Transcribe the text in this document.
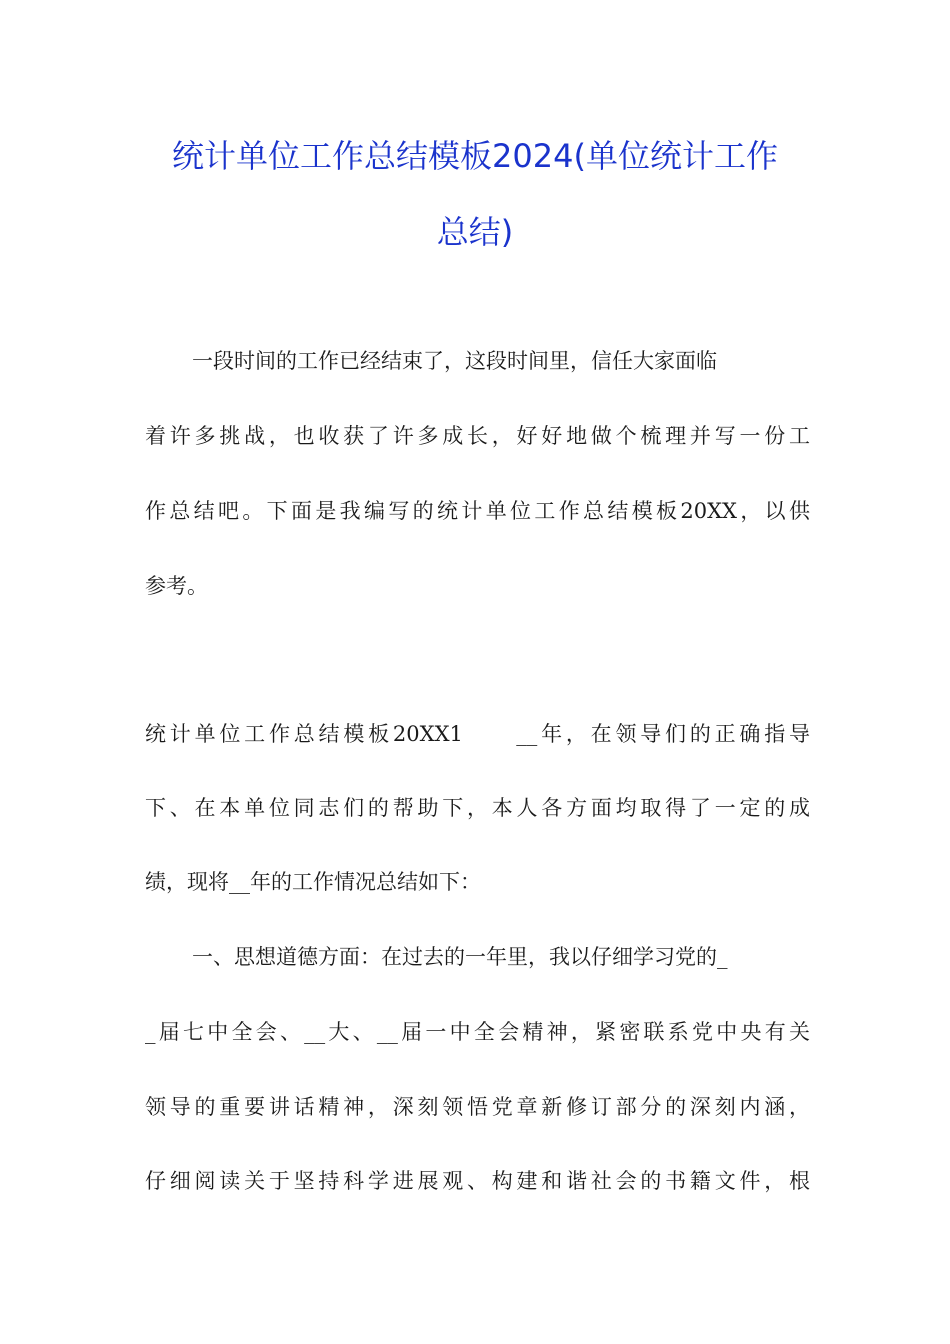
统计单位工作总结模板2024(单位统计工作
总结)
一段时间的工作已经结束了，这段时间里，信任大家面临
着许多挑战，也收获了许多成长，好好地做个梳理并写一份工
作总结吧。下面是我编写的统计单位工作总结模板20XX，以供
参考。
统计单位工作总结模板20XX1　　__年，在领导们的正确指导
下、在本单位同志们的帮助下，本人各方面均取得了一定的成
绩，现将__年的工作情况总结如下：
一、思想道德方面：在过去的一年里，我以仔细学习党的_
_届七中全会、__大、__届一中全会精神，紧密联系党中央有关
领导的重要讲话精神，深刻领悟党章新修订部分的深刻内涵，
仔细阅读关于坚持科学进展观、构建和谐社会的书籍文件，根
